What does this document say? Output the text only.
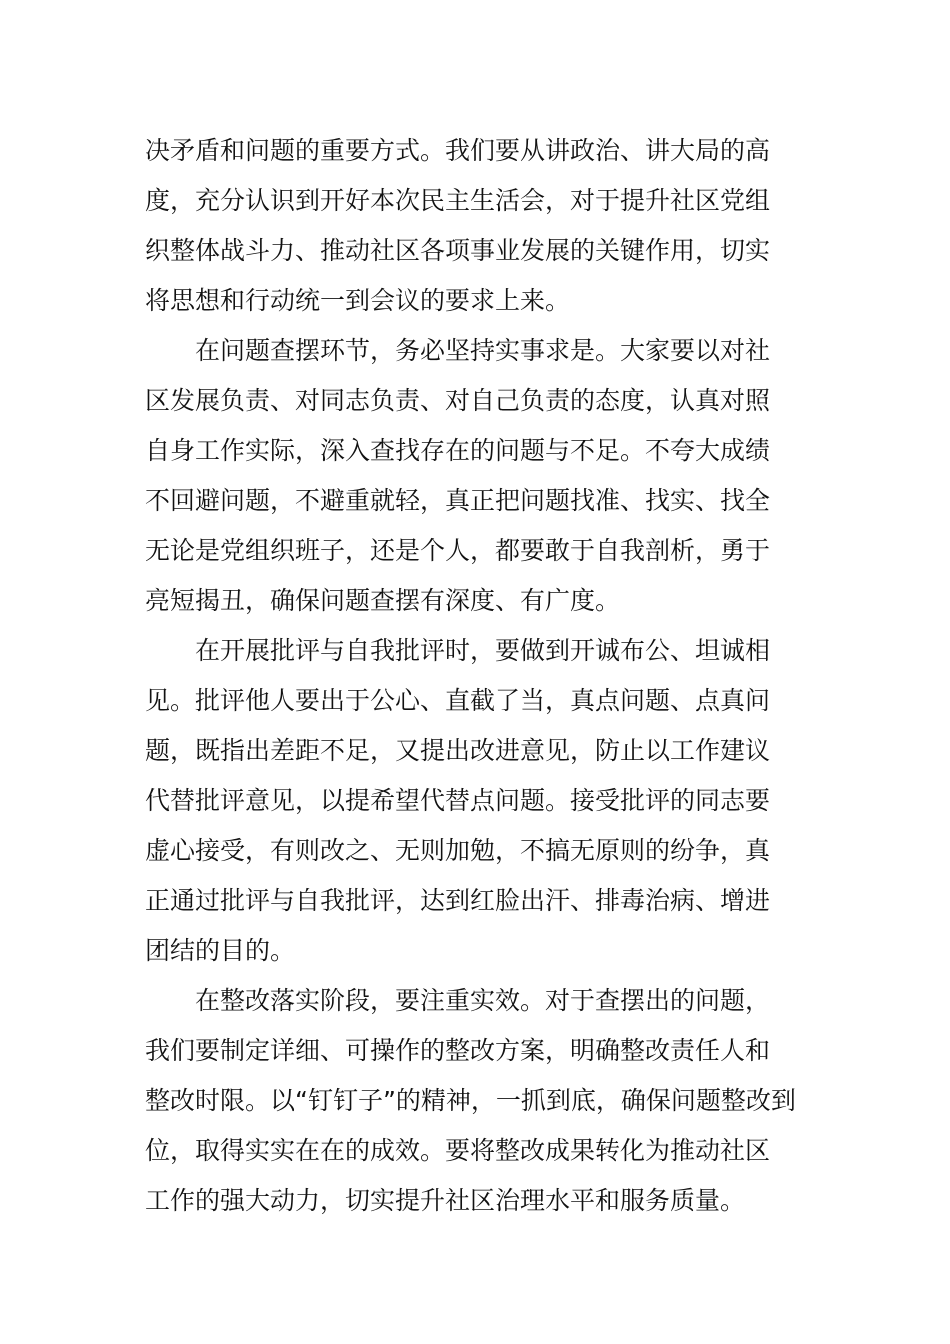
决矛盾和问题的重要方式。我们要从讲政治、讲大局的高
度，充分认识到开好本次民主生活会，对于提升社区党组
织整体战斗力、推动社区各项事业发展的关键作用，切实
将思想和行动统一到会议的要求上来。
　　在问题查摆环节，务必坚持实事求是。大家要以对社
区发展负责、对同志负责、对自己负责的态度，认真对照
自身工作实际，深入查找存在的问题与不足。不夸大成绩
不回避问题，不避重就轻，真正把问题找准、找实、找全
无论是党组织班子，还是个人，都要敢于自我剖析，勇于
亮短揭丑，确保问题查摆有深度、有广度。
　　在开展批评与自我批评时，要做到开诚布公、坦诚相
见。批评他人要出于公心、直截了当，真点问题、点真问
题，既指出差距不足，又提出改进意见，防止以工作建议
代替批评意见，以提希望代替点问题。接受批评的同志要
虚心接受，有则改之、无则加勉，不搞无原则的纷争，真
正通过批评与自我批评，达到红脸出汗、排毒治病、增进
团结的目的。
　　在整改落实阶段，要注重实效。对于查摆出的问题，
我们要制定详细、可操作的整改方案，明确整改责任人和
整改时限。以“钉钉子”的精神，一抓到底，确保问题整改到
位，取得实实在在的成效。要将整改成果转化为推动社区
工作的强大动力，切实提升社区治理水平和服务质量。
